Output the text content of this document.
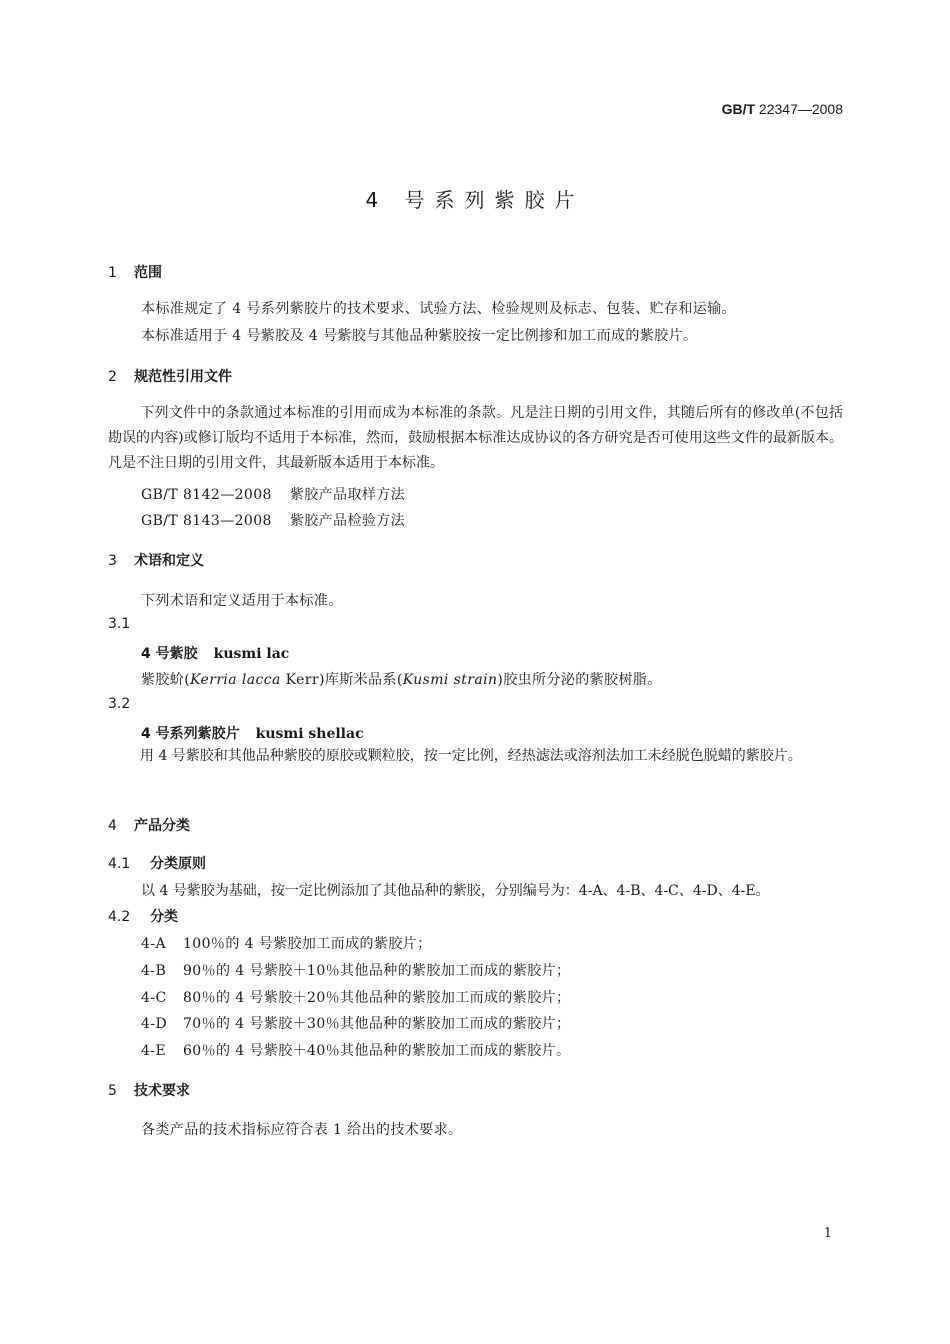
GB/T 22347—2008
4 号系列紫胶片
1 范围
本标准规定了 4 号系列紫胶片的技术要求、试验方法、检验规则及标志、包装、贮存和运输。
本标准适用于 4 号紫胶及 4 号紫胶与其他品种紫胶按一定比例掺和加工而成的紫胶片。
2 规范性引用文件
下列文件中的条款通过本标准的引用而成为本标准的条款。凡是注日期的引用文件，其随后所有的修改单(不包括勘误的内容)或修订版均不适用于本标准，然而，鼓励根据本标准达成协议的各方研究是否可使用这些文件的最新版本。凡是不注日期的引用文件，其最新版本适用于本标准。
GB/T 8142—2008 紫胶产品取样方法
GB/T 8143—2008 紫胶产品检验方法
3 术语和定义
下列术语和定义适用于本标准。
3.1
4 号紫胶 kusmi lac
紫胶蚧(Kerria lacca Kerr)库斯米品系(Kusmi strain)胶虫所分泌的紫胶树脂。
3.2
4 号系列紫胶片 kusmi shellac
用 4 号紫胶和其他品种紫胶的原胶或颗粒胶，按一定比例，经热滤法或溶剂法加工未经脱色脱蜡的紫胶片。
4 产品分类
4.1 分类原则
以 4 号紫胶为基础，按一定比例添加了其他品种的紫胶，分别编号为：4-A、4-B、4-C、4-D、4-E。
4.2 分类
4-A 100％的 4 号紫胶加工而成的紫胶片；
4-B 90％的 4 号紫胶＋10％其他品种的紫胶加工而成的紫胶片；
4-C 80％的 4 号紫胶＋20％其他品种的紫胶加工而成的紫胶片；
4-D 70％的 4 号紫胶＋30％其他品种的紫胶加工而成的紫胶片；
4-E 60％的 4 号紫胶＋40％其他品种的紫胶加工而成的紫胶片。
5 技术要求
各类产品的技术指标应符合表 1 给出的技术要求。
1
